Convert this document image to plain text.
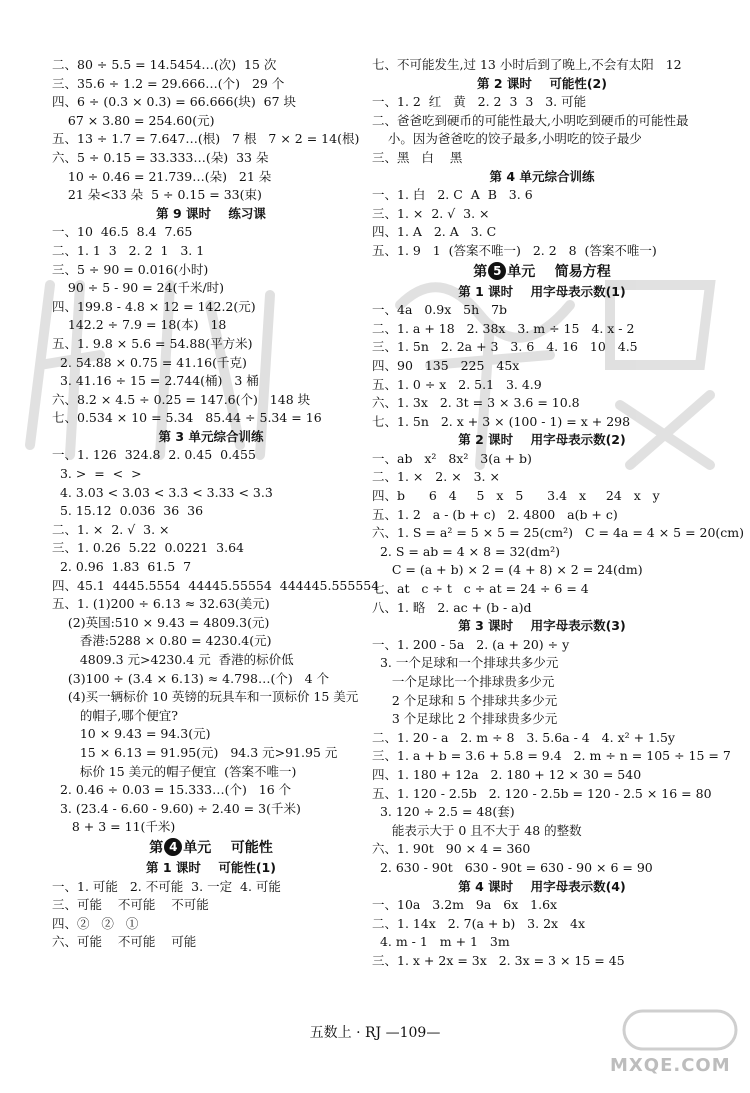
二、80 ÷ 5.5 = 14.5454…(次)  15 次
三、35.6 ÷ 1.2 = 29.666…(个)   29 个
四、6 ÷ (0.3 × 0.3) = 66.666(块)  67 块
67 × 3.80 = 254.60(元)
五、13 ÷ 1.7 = 7.647…(根)   7 根   7 × 2 = 14(根)
六、5 ÷ 0.15 = 33.333…(朵)  33 朵
10 ÷ 0.46 = 21.739…(朵)   21 朵
21 朵<33 朵  5 ÷ 0.15 = 33(束)
第 9 课时    练习课
一、10  46.5  8.4  7.65
二、1. 1  3   2. 2  1   3. 1
三、5 ÷ 90 = 0.016(小时)
90 ÷ 5 - 90 = 24(千米/时)
四、199.8 - 4.8 × 12 = 142.2(元)
142.2 ÷ 7.9 = 18(本)   18
五、1. 9.8 × 5.6 = 54.88(平方米)
2. 54.88 × 0.75 = 41.16(千克)
3. 41.16 ÷ 15 = 2.744(桶)   3 桶
六、8.2 × 4.5 ÷ 0.25 = 147.6(个)   148 块
七、0.534 × 10 = 5.34   85.44 ÷ 5.34 = 16
第 3 单元综合训练
一、1. 126  324.8  2. 0.45̇  0.455
3. >  =  <  >
4. 3.03 < 3.0̇3 < 3.3̇ < 3.33 < 3.3̇
5. 15.12  0.036  36  36
二、1. ×  2. √  3. ×
三、1. 0.26  5.22  0.0221  3.64
2. 0.96  1.83  61.5  7
四、45.1  4445.5554  44445.55554  444445.555554
五、1. (1)200 ÷ 6.13 ≈ 32.63(美元)
(2)英国:510 × 9.43 = 4809.3(元)
香港:5288 × 0.80 = 4230.4(元)
4809.3 元>4230.4 元  香港的标价低
(3)100 ÷ (3.4 × 6.13) ≈ 4.798…(个)   4 个
(4)买一辆标价 10 英镑的玩具车和一顶标价 15 美元
的帽子,哪个便宜?
10 × 9.43 = 94.3(元)
15 × 6.13 = 91.95(元)   94.3 元>91.95 元
标价 15 美元的帽子便宜  (答案不唯一)
2. 0.46 ÷ 0.03 = 15.333…(个)   16 个
3. (23.4 - 6.60 - 9.60) ÷ 2.40 = 3(千米)
8 + 3 = 11(千米)
第 4 单元    可能性
第 1 课时    可能性(1)
一、1. 可能   2. 不可能  3. 一定  4. 可能
三、可能    不可能    不可能
四、②   ②   ①
六、可能    不可能    可能
七、不可能发生,过 13 小时后到了晚上,不会有太阳   12
第 2 课时    可能性(2)
一、1. 2  红   黄   2. 2  3  3   3. 可能
二、爸爸吃到硬币的可能性最大,小明吃到硬币的可能性最
小。因为爸爸吃的饺子最多,小明吃的饺子最少
三、黑   白    黑
第 4 单元综合训练
一、1. 白   2. C  A  B   3. 6
三、1. ×  2. √  3. ×
四、1. A   2. A   3. C
五、1. 9   1  (答案不唯一)   2. 2   8  (答案不唯一)
第 5 单元    简易方程
第 1 课时    用字母表示数(1)
一、4a   0.9x   5h   7b
二、1. a + 18   2. 38x   3. m ÷ 15   4. x - 2
三、1. 5n   2. 2a + 3   3. 6   4. 16   10   4.5
四、90   135   225   45x
五、1. 0 ÷ x   2. 5.1   3. 4.9
六、1. 3x   2. 3t = 3 × 3.6 = 10.8
七、1. 5n   2. x + 3 × (100 - 1) = x + 298
第 2 课时    用字母表示数(2)
一、ab   x²   8x²   3(a + b)
二、1. ×   2. ×   3. ×
四、b      6   4     5   x   5      3.4   x     24   x   y
五、1. 2   a - (b + c)   2. 4800   a(b + c)
六、1. S = a² = 5 × 5 = 25(cm²)   C = 4a = 4 × 5 = 20(cm)
2. S = ab = 4 × 8 = 32(dm²)
C = (a + b) × 2 = (4 + 8) × 2 = 24(dm)
七、at   c ÷ t   c ÷ at = 24 ÷ 6 = 4
八、1. 略   2. ac + (b - a)d
第 3 课时    用字母表示数(3)
一、1. 200 - 5a   2. (a + 20) ÷ y
3. 一个足球和一个排球共多少元
一个足球比一个排球贵多少元
2 个足球和 5 个排球共多少元
3 个足球比 2 个排球贵多少元
二、1. 20 - a   2. m ÷ 8   3. 5.6a - 4   4. x² + 1.5y
三、1. a + b = 3.6 + 5.8 = 9.4   2. m ÷ n = 105 ÷ 15 = 7
四、1. 180 + 12a   2. 180 + 12 × 30 = 540
五、1. 120 - 2.5b   2. 120 - 2.5b = 120 - 2.5 × 16 = 80
3. 120 ÷ 2.5 = 48(套)
能表示大于 0 且不大于 48 的整数
六、1. 90t   90 × 4 = 360
2. 630 - 90t   630 - 90t = 630 - 90 × 6 = 90
第 4 课时    用字母表示数(4)
一、10a   3.2m   9a   6x   1.6x
二、1. 14x   2. 7(a + b)   3. 2x   4x
4. m - 1   m + 1   3m
三、1. x + 2x = 3x   2. 3x = 3 × 15 = 45
五数上 · RJ —109—
MXQE.COM
